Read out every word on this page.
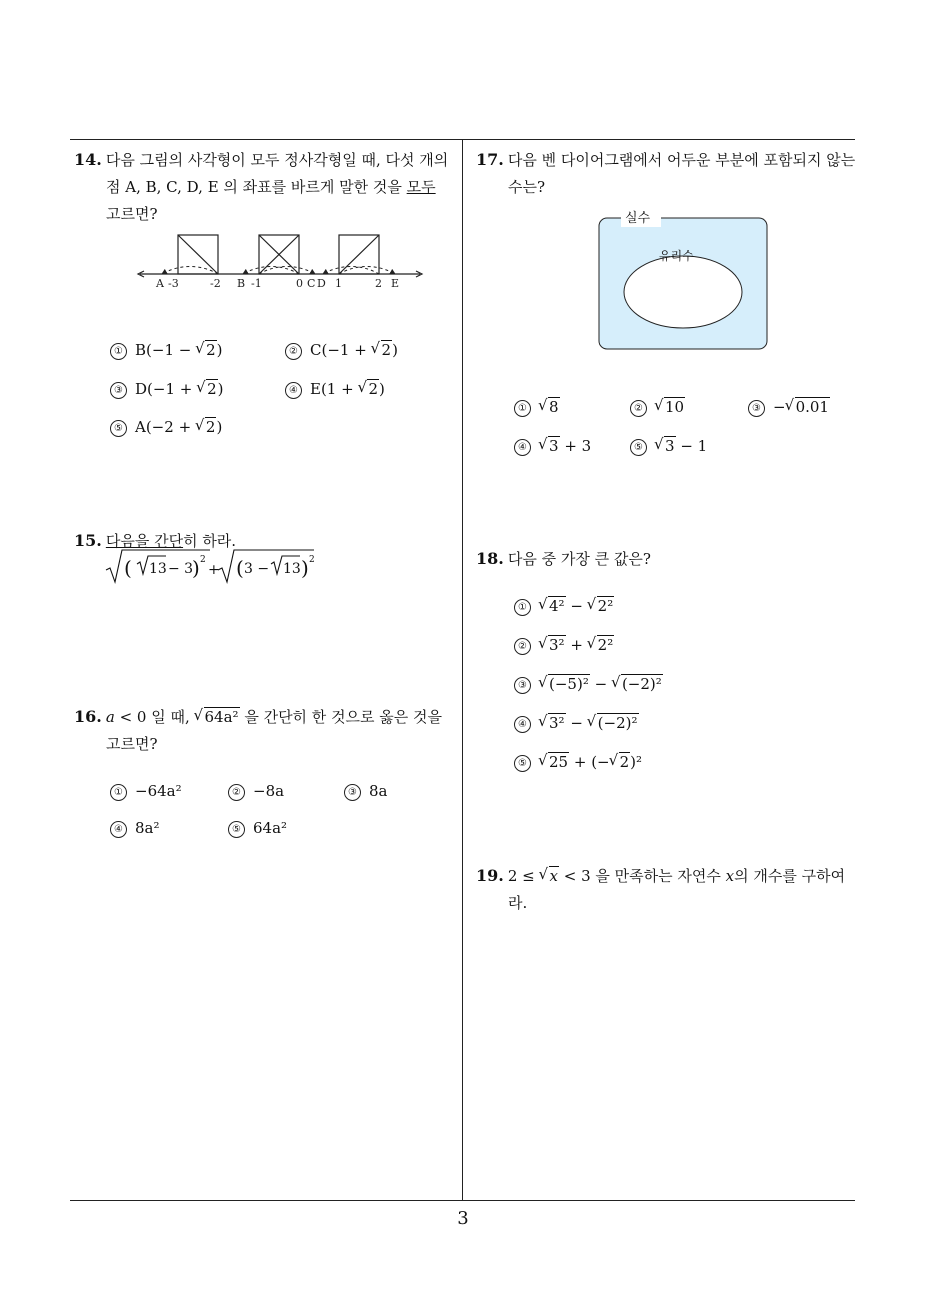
3
14. 다음 그림의 사각형이 모두 정사각형일 때, 다섯 개의
점 A, B, C, D, E 의 좌표를 바르게 말한 것을 모두
고르면?
A -3	-2 B -1	0 C D 1	2 E
① B(−1 − √ 2)	② C(−1 + √ 2)
③ D(−1 + √ 2)	④ E(1 + √ 2)
⑤ A(−2 + √ 2)
15. 다음을 간단히 하라.
( 13 − 3
) 2
+ ( 3 − 13 ) 2
16. a < 0 일 때, √ 64a² 을 간단히 한 것으로 옳은 것을
고르면?
① −64a²	② −8a	③ 8a
④ 8a²	⑤ 64a²
17. 다음 벤 다이어그램에서 어두운 부분에 포함되지 않는
수는?
실수
유리수
① √ 8	② √ 10	③ − √ 0.01
④ √ 3 + 3	⑤ √ 3 − 1
18. 다음 중 가장 큰 값은?
① √ 4² − √ 2²
② √ 3² + √ 2²
③ √ (−5)² − √ (−2)²
④ √ 3² − √ (−2)²
⑤ √ 25 + (− √ 2)²
19. 2 ≤ √ x < 3 을 만족하는 자연수 x의 개수를 구하여
라.
